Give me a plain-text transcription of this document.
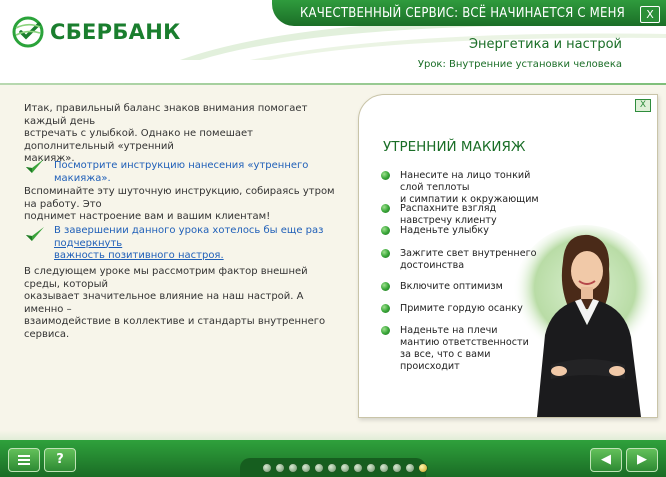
СБЕРБАНК
КАЧЕСТВЕННЫЙ СЕРВИС: ВСЁ НАЧИНАЕТСЯ С МЕНЯ	X
Энергетика и настрой
Урок: Внутренние установки человека
Итак, правильный баланс знаков внимания помогает каждый день
встречать с улыбкой. Однако не помешает дополнительный «утренний
макияж».
Посмотрите инструкцию нанесения «утреннего макияжа».
Вспоминайте эту шуточную инструкцию, собираясь утром на работу. Это
поднимет настроение вам и вашим клиентам!
В завершении данного урока хотелось бы еще раз подчеркнуть
важность позитивного настроя.
В следующем уроке мы рассмотрим фактор внешней среды, который
оказывает значительное влияние на наш настрой. А именно –
взаимодействие в коллективе и стандарты внутреннего сервиса.
X
УТРЕННИЙ МАКИЯЖ
Нанесите на лицо тонкий слой теплоты
и симпатии к окружающим
Распахните взгляд навстречу клиенту
Наденьте улыбку
Зажгите свет внутреннего
достоинства
Включите оптимизм
Примите гордую осанку
Наденьте на плечи
мантию ответственности
за все, что с вами
происходит
?	◀	▶
